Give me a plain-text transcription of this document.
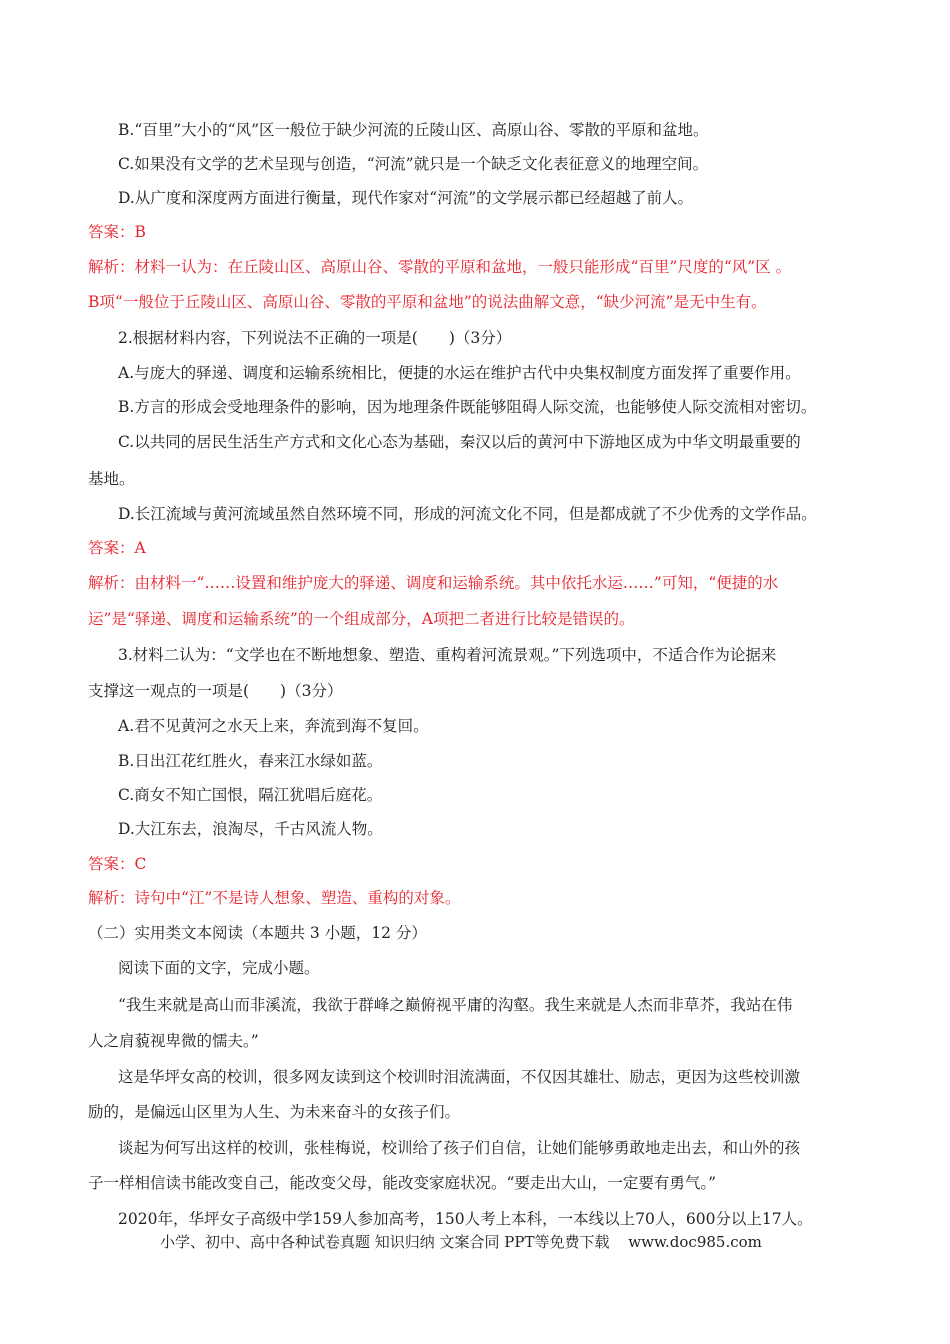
B.“百里”大小的“风”区一般位于缺少河流的丘陵山区、高原山谷、零散的平原和盆地。
C.如果没有文学的艺术呈现与创造，“河流”就只是一个缺乏文化表征意义的地理空间。
D.从广度和深度两方面进行衡量，现代作家对“河流”的文学展示都已经超越了前人。
答案：B
解析：材料一认为：在丘陵山区、高原山谷、零散的平原和盆地，一般只能形成“百里”尺度的“风”区 。
B项“一般位于丘陵山区、高原山谷、零散的平原和盆地”的说法曲解文意，“缺少河流”是无中生有。
2.根据材料内容，下列说法不正确的一项是(　　)（3分）
A.与庞大的驿递、调度和运输系统相比，便捷的水运在维护古代中央集权制度方面发挥了重要作用。
B.方言的形成会受地理条件的影响，因为地理条件既能够阻碍人际交流，也能够使人际交流相对密切。
C.以共同的居民生活生产方式和文化心态为基础，秦汉以后的黄河中下游地区成为中华文明最重要的
基地。
D.长江流域与黄河流域虽然自然环境不同，形成的河流文化不同，但是都成就了不少优秀的文学作品。
答案：A
解析：由材料一“……设置和维护庞大的驿递、调度和运输系统。其中依托水运……”可知，“便捷的水
运”是“驿递、调度和运输系统”的一个组成部分，A项把二者进行比较是错误的。
3.材料二认为：“文学也在不断地想象、塑造、重构着河流景观。”下列选项中，不适合作为论据来
支撑这一观点的一项是(　　)（3分）
A.君不见黄河之水天上来，奔流到海不复回。
B.日出江花红胜火，春来江水绿如蓝。
C.商女不知亡国恨，隔江犹唱后庭花。
D.大江东去，浪淘尽，千古风流人物。
答案：C
解析：诗句中“江”不是诗人想象、塑造、重构的对象。
（二）实用类文本阅读（本题共 3 小题，12 分）
阅读下面的文字，完成小题。
“我生来就是高山而非溪流，我欲于群峰之巅俯视平庸的沟壑。我生来就是人杰而非草芥，我站在伟
人之肩藐视卑微的懦夫。”
这是华坪女高的校训，很多网友读到这个校训时泪流满面，不仅因其雄壮、励志，更因为这些校训激
励的，是偏远山区里为人生、为未来奋斗的女孩子们。
谈起为何写出这样的校训，张桂梅说，校训给了孩子们自信，让她们能够勇敢地走出去，和山外的孩
子一样相信读书能改变自己，能改变父母，能改变家庭状况。“要走出大山，一定要有勇气。”
2020年，华坪女子高级中学159人参加高考，150人考上本科，一本线以上70人，600分以上17人。
小学、初中、高中各种试卷真题 知识归纳 文案合同 PPT等免费下载 www.doc985.com
